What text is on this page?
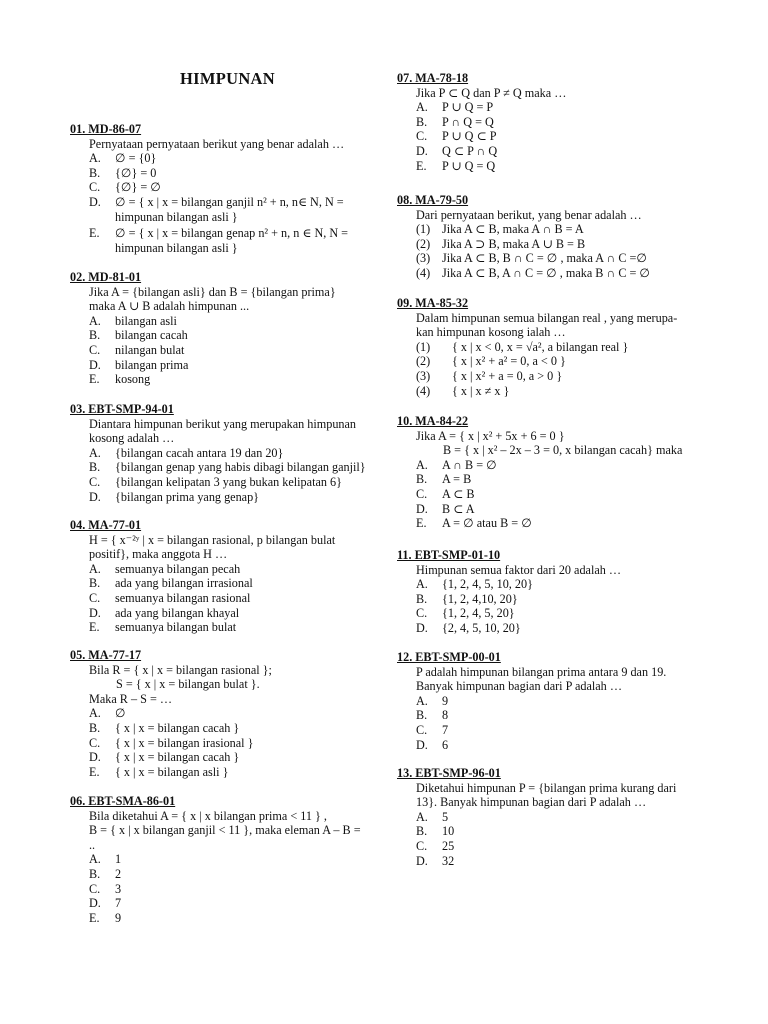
HIMPUNAN
01. MD-86-07
Pernyataan pernyataan berikut yang benar adalah …
A.	∅ = {0}
B.	{∅} = 0
C.	{∅} = ∅
D.	∅ = { x | x = bilangan ganjil n² + n, n∈ N, N =
himpunan bilangan asli }
E.	∅ = { x | x = bilangan genap n² + n, n ∈ N, N =
himpunan bilangan asli }
02. MD-81-01
Jika A = {bilangan asli} dan B = {bilangan prima}
maka A ∪ B adalah himpunan ...
A.	bilangan asli
B.	bilangan cacah
C.	nilangan bulat
D.	bilangan prima
E.	kosong
03. EBT-SMP-94-01
Diantara himpunan berikut yang merupakan himpunan
kosong adalah …
A.	{bilangan cacah antara 19 dan 20}
B.	{bilangan genap yang habis dibagi bilangan ganjil}
C.	{bilangan kelipatan 3 yang bukan kelipatan 6}
D.	{bilangan prima yang genap}
04. MA-77-01
H = { x⁻²ʸ | x = bilangan rasional, p bilangan bulat
positif}, maka anggota H …
A.	semuanya bilangan pecah
B.	ada yang bilangan irrasional
C.	semuanya bilangan rasional
D.	ada yang bilangan khayal
E.	semuanya bilangan bulat
05. MA-77-17
Bila R = { x | x = bilangan rasional };
S = { x | x = bilangan bulat }.
Maka R – S = …
A.	∅
B.	{ x | x = bilangan cacah }
C.	{ x | x = bilangan irasional }
D.	{ x | x = bilangan cacah }
E.	{ x | x = bilangan asli }
06. EBT-SMA-86-01
Bila diketahui A = { x | x bilangan prima < 11 } ,
B = { x | x bilangan ganjil < 11 }, maka eleman A – B =
..
A.	1
B.	2
C.	3
D.	7
E.	9
07. MA-78-18
Jika P ⊂ Q dan P ≠ Q maka …
A.	P ∪ Q = P
B.	P ∩ Q = Q
C.	P ∪ Q ⊂ P
D.	Q ⊂ P ∩ Q
E.	P ∪ Q = Q
08. MA-79-50
Dari pernyataan berikut, yang benar adalah …
(1) Jika A ⊂ B, maka A ∩ B = A
(2) Jika A ⊃ B, maka A ∪ B = B
(3) Jika A ⊂ B, B ∩ C = ∅ , maka A ∩ C =∅
(4) Jika A ⊂ B, A ∩ C = ∅ , maka B ∩ C = ∅
09. MA-85-32
Dalam himpunan semua bilangan real , yang merupa-
kan himpunan kosong ialah …
(1)	{ x | x < 0, x = √a², a bilangan real }
(2)	{ x | x² + a² = 0, a < 0 }
(3)	{ x | x² + a = 0, a > 0 }
(4)	{ x | x ≠ x }
10. MA-84-22
Jika A = { x | x² + 5x + 6 = 0 }
B = { x | x² – 2x – 3 = 0, x bilangan cacah} maka
A.	A ∩ B = ∅
B.	A = B
C.	A ⊂ B
D.	B ⊂ A
E.	A = ∅ atau B = ∅
11. EBT-SMP-01-10
Himpunan semua faktor dari 20 adalah …
A.	{1, 2, 4, 5, 10, 20}
B.	{1, 2, 4,10, 20}
C.	{1, 2, 4, 5, 20}
D.	{2, 4, 5, 10, 20}
12. EBT-SMP-00-01
P adalah himpunan bilangan prima antara 9 dan 19.
Banyak himpunan bagian dari P adalah …
A.	9
B.	8
C.	7
D.	6
13. EBT-SMP-96-01
Diketahui himpunan P = {bilangan prima kurang dari
13}. Banyak himpunan bagian dari P adalah …
A.	5
B.	10
C.	25
D.	32
